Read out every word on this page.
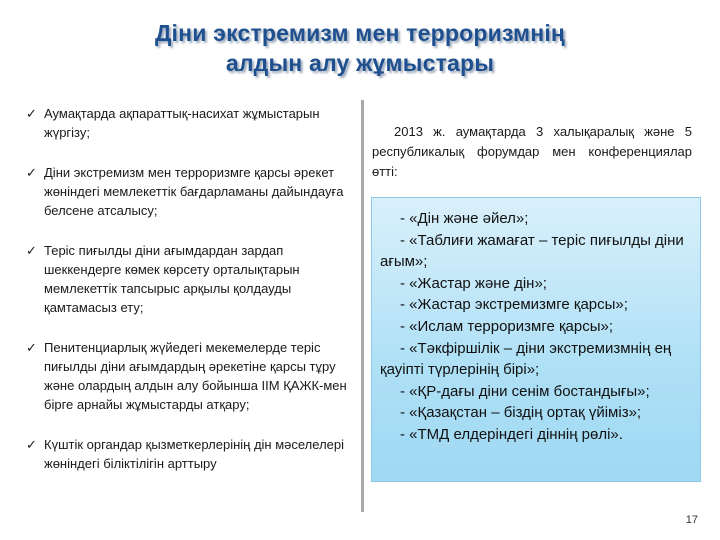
Діни экстремизм мен терроризмнің
алдын алу жұмыстары
✓ Аумақтарда ақпараттық-насихат жұмыстарын жүргізу;
✓ Діни экстремизм мен терроризмге қарсы әрекет жөніндегі мемлекеттік бағдарламаны дайындауға белсене атсалысу;
✓ Теріс пиғылды діни ағымдардан зардап шеккендерге көмек көрсету орталықтарын мемлекеттік тапсырыс арқылы қолдауды қамтамасыз ету;
✓ Пенитенциарлық жүйедегі мекемелерде теріс пиғылды діни ағымдардың әрекетіне қарсы тұру және олардың алдын алу бойынша ІІМ ҚАЖК-мен бірге арнайы жұмыстарды атқару;
✓ Күштік органдар қызметкерлерінің дін мәселелері жөніндегі біліктілігін арттыру
2013 ж. аумақтарда 3 халықаралық және 5 республикалық форумдар мен конференциялар өтті:
- «Дін және әйел»;
- «Таблиғи жамағат – теріс пиғылды діни ағым»;
- «Жастар және дін»;
- «Жастар экстремизмге қарсы»;
- «Ислам терроризмге қарсы»;
- «Тәкфіршілік – діни экстремизмнің ең қауіпті түрлерінің бірі»;
- «ҚР-дағы діни сенім бостандығы»;
- «Қазақстан – біздің ортақ үйіміз»;
- «ТМД елдеріндегі діннің рөлі».
17
